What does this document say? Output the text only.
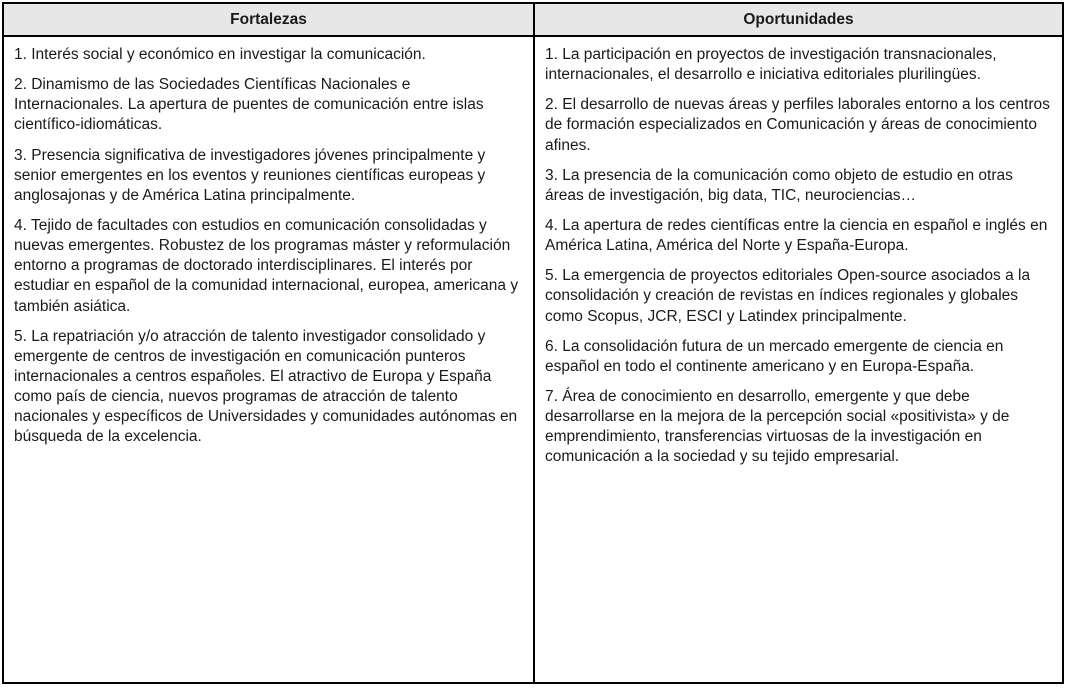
Fortalezas

1. Interés social y económico en investigar la comunicación.

2. Dinamismo de las Sociedades Científicas Nacionales e Internacionales. La apertura de puentes de comunicación entre islas científico-idiomáticas.

3. Presencia significativa de investigadores jóvenes principalmente y senior emergentes en los eventos y reuniones científicas europeas y anglosajonas y de América Latina principalmente.

4. Tejido de facultades con estudios en comunicación consolidadas y nuevas emergentes. Robustez de los programas máster y reformulación entorno a programas de doctorado interdisciplinares. El interés por estudiar en español de la comunidad internacional, europea, americana y también asiática.

5. La repatriación y/o atracción de talento investigador consolidado y emergente de centros de investigación en comunicación punteros internacionales a centros españoles. El atractivo de Europa y España como país de ciencia, nuevos programas de atracción de talento nacionales y específicos de Universidades y comunidades autónomas en búsqueda de la excelencia.

Oportunidades

1. La participación en proyectos de investigación transnacionales, internacionales, el desarrollo e iniciativa editoriales plurilingües.

2. El desarrollo de nuevas áreas y perfiles laborales entorno a los centros de formación especializados en Comunicación y áreas de conocimiento afines.

3. La presencia de la comunicación como objeto de estudio en otras áreas de investigación, big data, TIC, neurociencias…

4. La apertura de redes científicas entre la ciencia en español e inglés en América Latina, América del Norte y España-Europa.

5. La emergencia de proyectos editoriales Open-source asociados a la consolidación y creación de revistas en índices regionales y globales como Scopus, JCR, ESCI y Latindex principalmente.

6. La consolidación futura de un mercado emergente de ciencia en español en todo el continente americano y en Europa-España.

7. Área de conocimiento en desarrollo, emergente y que debe desarrollarse en la mejora de la percepción social «positivista» y de emprendimiento, transferencias virtuosas de la investigación en comunicación a la sociedad y su tejido empresarial.
